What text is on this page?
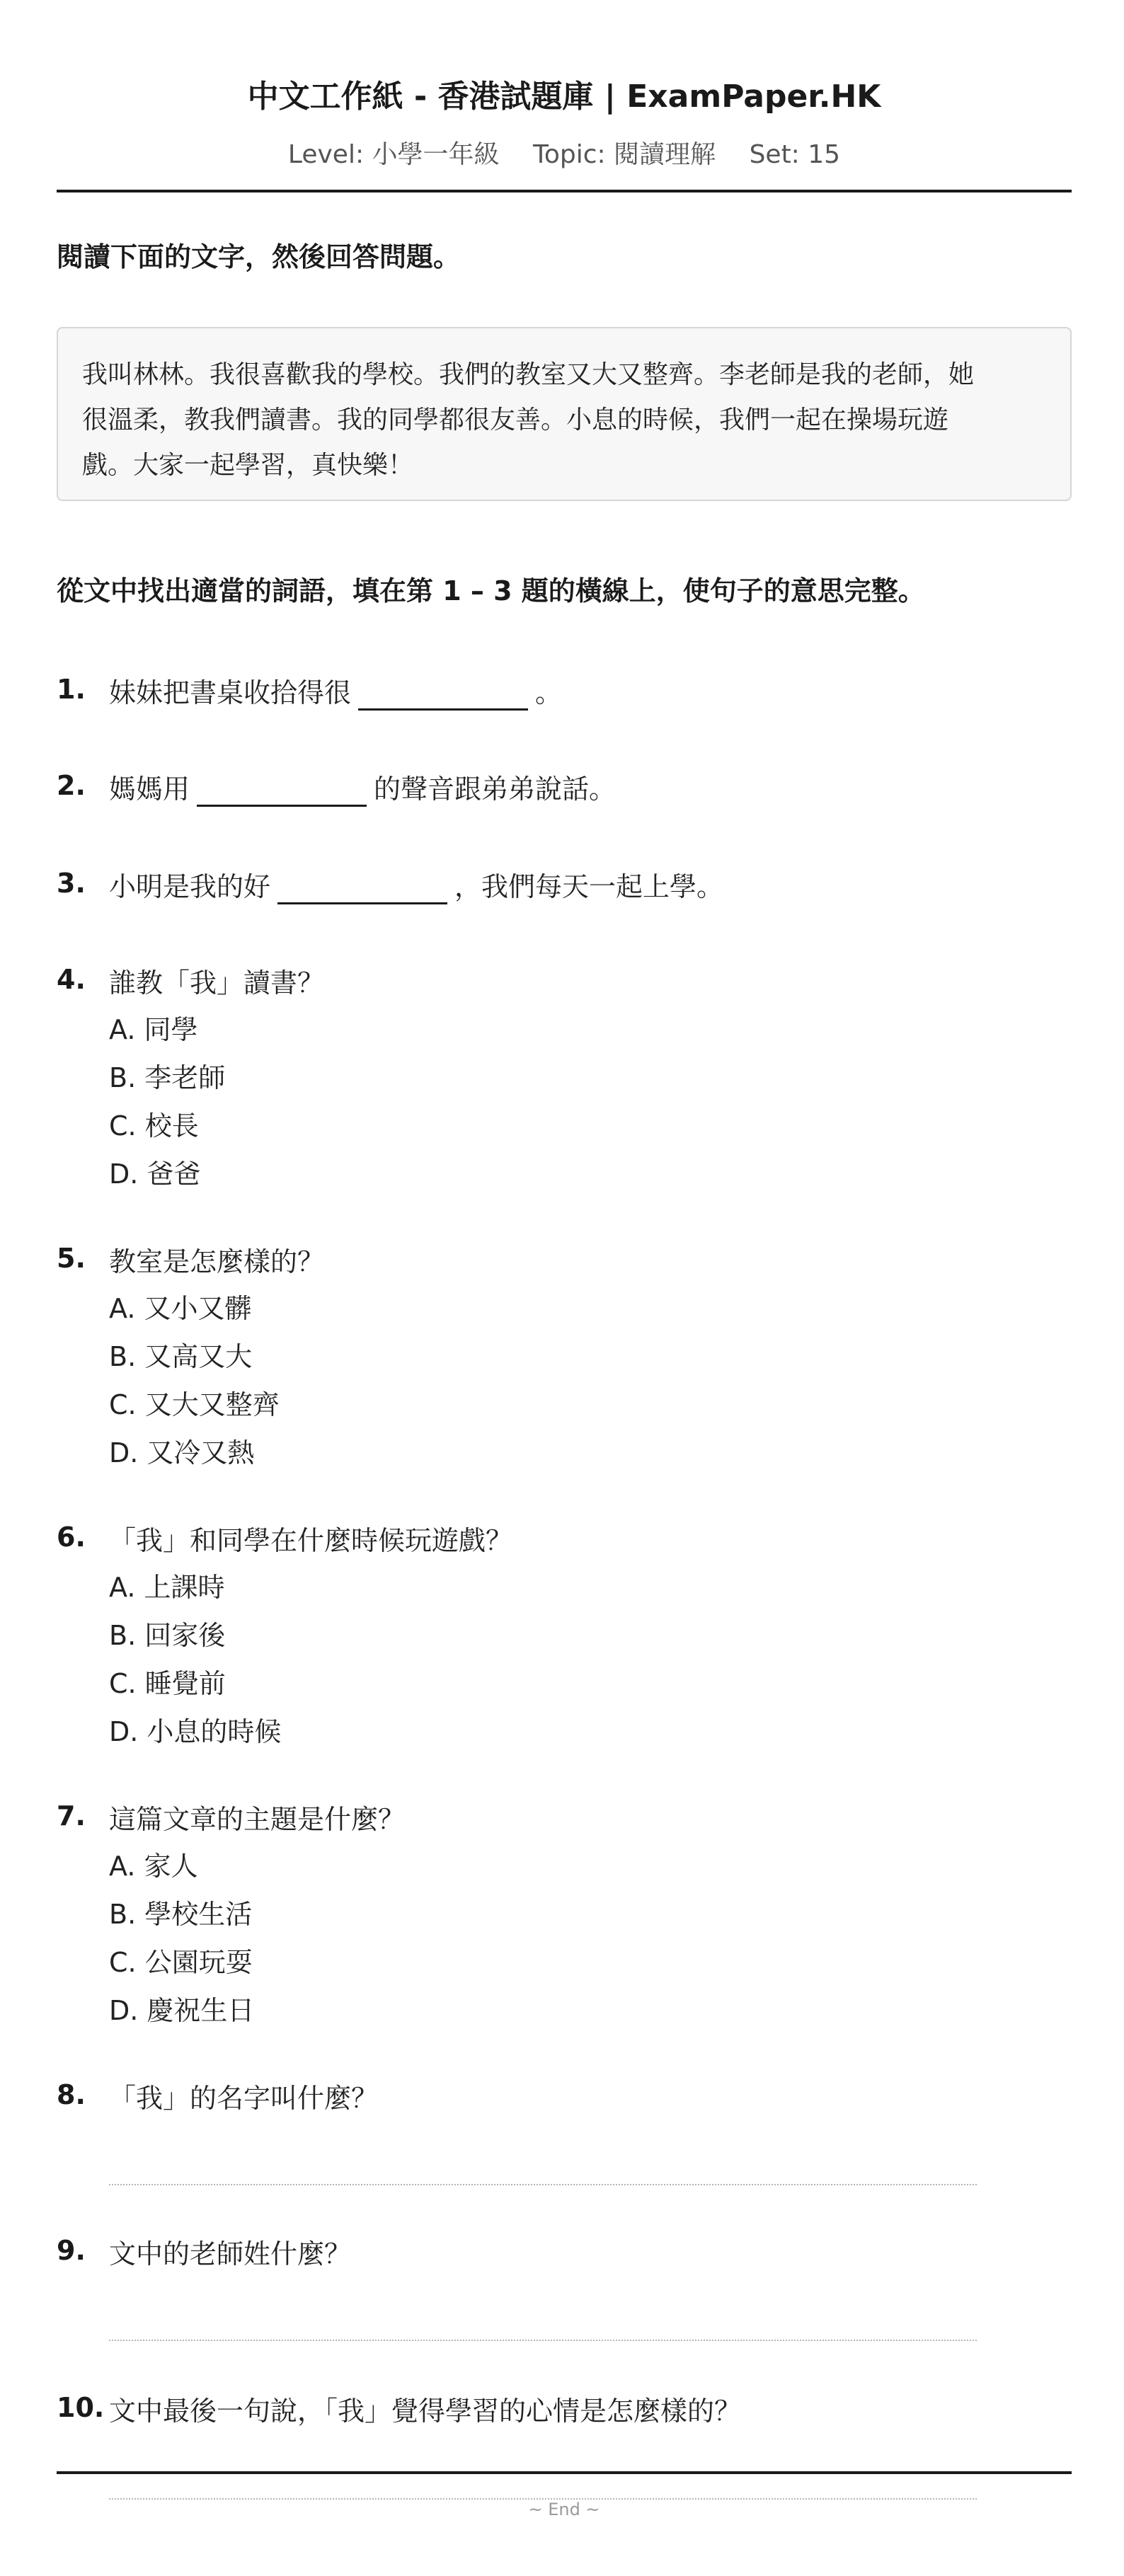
中文工作紙 - 香港試題庫 | ExamPaper.HK
Level: 小學一年級 Topic: 閱讀理解 Set: 15
閱讀下面的文字，然後回答問題。
我叫林林。我很喜歡我的學校。我們的教室又大又整齊。李老師是我的老師，她
很溫柔，教我們讀書。我的同學都很友善。小息的時候，我們一起在操場玩遊
戲。大家一起學習，真快樂！
從文中找出適當的詞語，填在第 1 – 3 題的橫線上，使句子的意思完整。
1. 妹妹把書桌收拾得很	。
2. 媽媽用	的聲音跟弟弟說話。
3. 小明是我的好	，我們每天一起上學。
4. 誰教「我」讀書？
A. 同學
B. 李老師
C. 校長
D. 爸爸
5. 教室是怎麼樣的？
A. 又小又髒
B. 又高又大
C. 又大又整齊
D. 又冷又熱
6. 「我」和同學在什麼時候玩遊戲？
A. 上課時
B. 回家後
C. 睡覺前
D. 小息的時候
7. 這篇文章的主題是什麼？
A. 家人
B. 學校生活
C. 公園玩耍
D. 慶祝生日
8. 「我」的名字叫什麼？
9. 文中的老師姓什麼？
10. 文中最後一句說，「我」覺得學習的心情是怎麼樣的？
~ End ~
